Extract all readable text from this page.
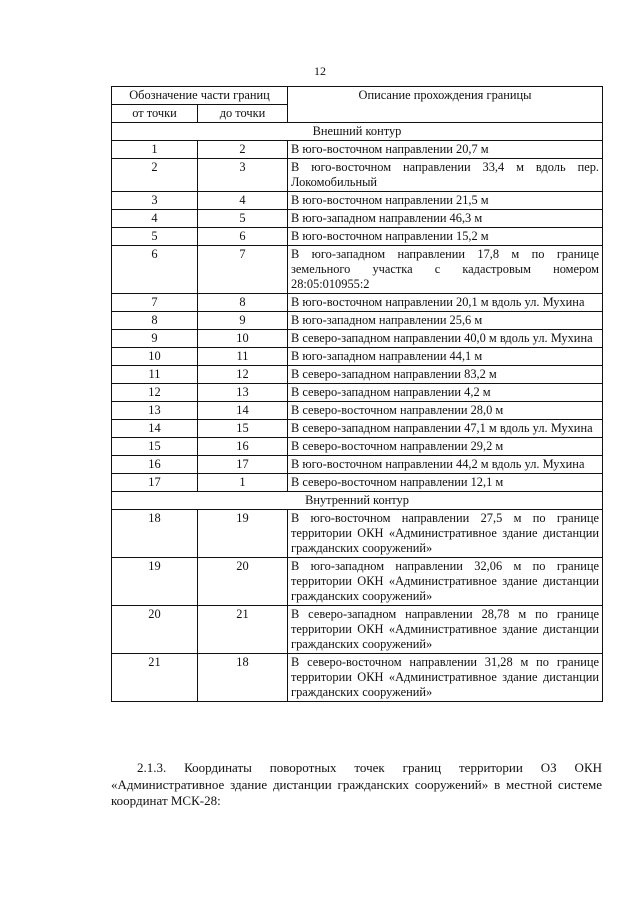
12
Обозначение части границ		Описание прохождения границы
от точки	до точки	
Внешний контур		
1	2	В юго-восточном направлении 20,7 м
2	3	В юго-восточном направлении 33,4 м вдоль пер. Локомобильный
3	4	В юго-восточном направлении 21,5 м
4	5	В юго-западном направлении 46,3 м
5	6	В юго-восточном направлении 15,2 м
6	7	В юго-западном направлении 17,8 м по границе земельного участка с кадастровым номером 28:05:010955:2
7	8	В юго-восточном направлении 20,1 м вдоль ул. Мухина
8	9	В юго-западном направлении 25,6 м
9	10	В северо-западном направлении 40,0 м вдоль ул. Мухина
10	11	В юго-западном направлении 44,1 м
11	12	В северо-западном направлении 83,2 м
12	13	В северо-западном направлении 4,2 м
13	14	В северо-восточном направлении 28,0 м
14	15	В северо-западном направлении 47,1 м вдоль ул. Мухина
15	16	В северо-восточном направлении 29,2 м
16	17	В юго-восточном направлении 44,2 м вдоль ул. Мухина
17	1	В северо-восточном направлении 12,1 м
Внутренний контур		
18	19	В юго-восточном направлении 27,5 м по границе территории ОКН «Административное здание дистанции гражданских сооружений»
19	20	В юго-западном направлении 32,06 м по границе территории ОКН «Административное здание дистанции гражданских сооружений»
20	21	В северо-западном направлении 28,78 м по границе территории ОКН «Административное здание дистанции гражданских сооружений»
21	18	В северо-восточном направлении 31,28 м по границе территории ОКН «Административное здание дистанции гражданских сооружений»

2.1.3. Координаты поворотных точек границ территории ОЗ ОКН «Административное здание дистанции гражданских сооружений» в местной системе координат МСК-28:
